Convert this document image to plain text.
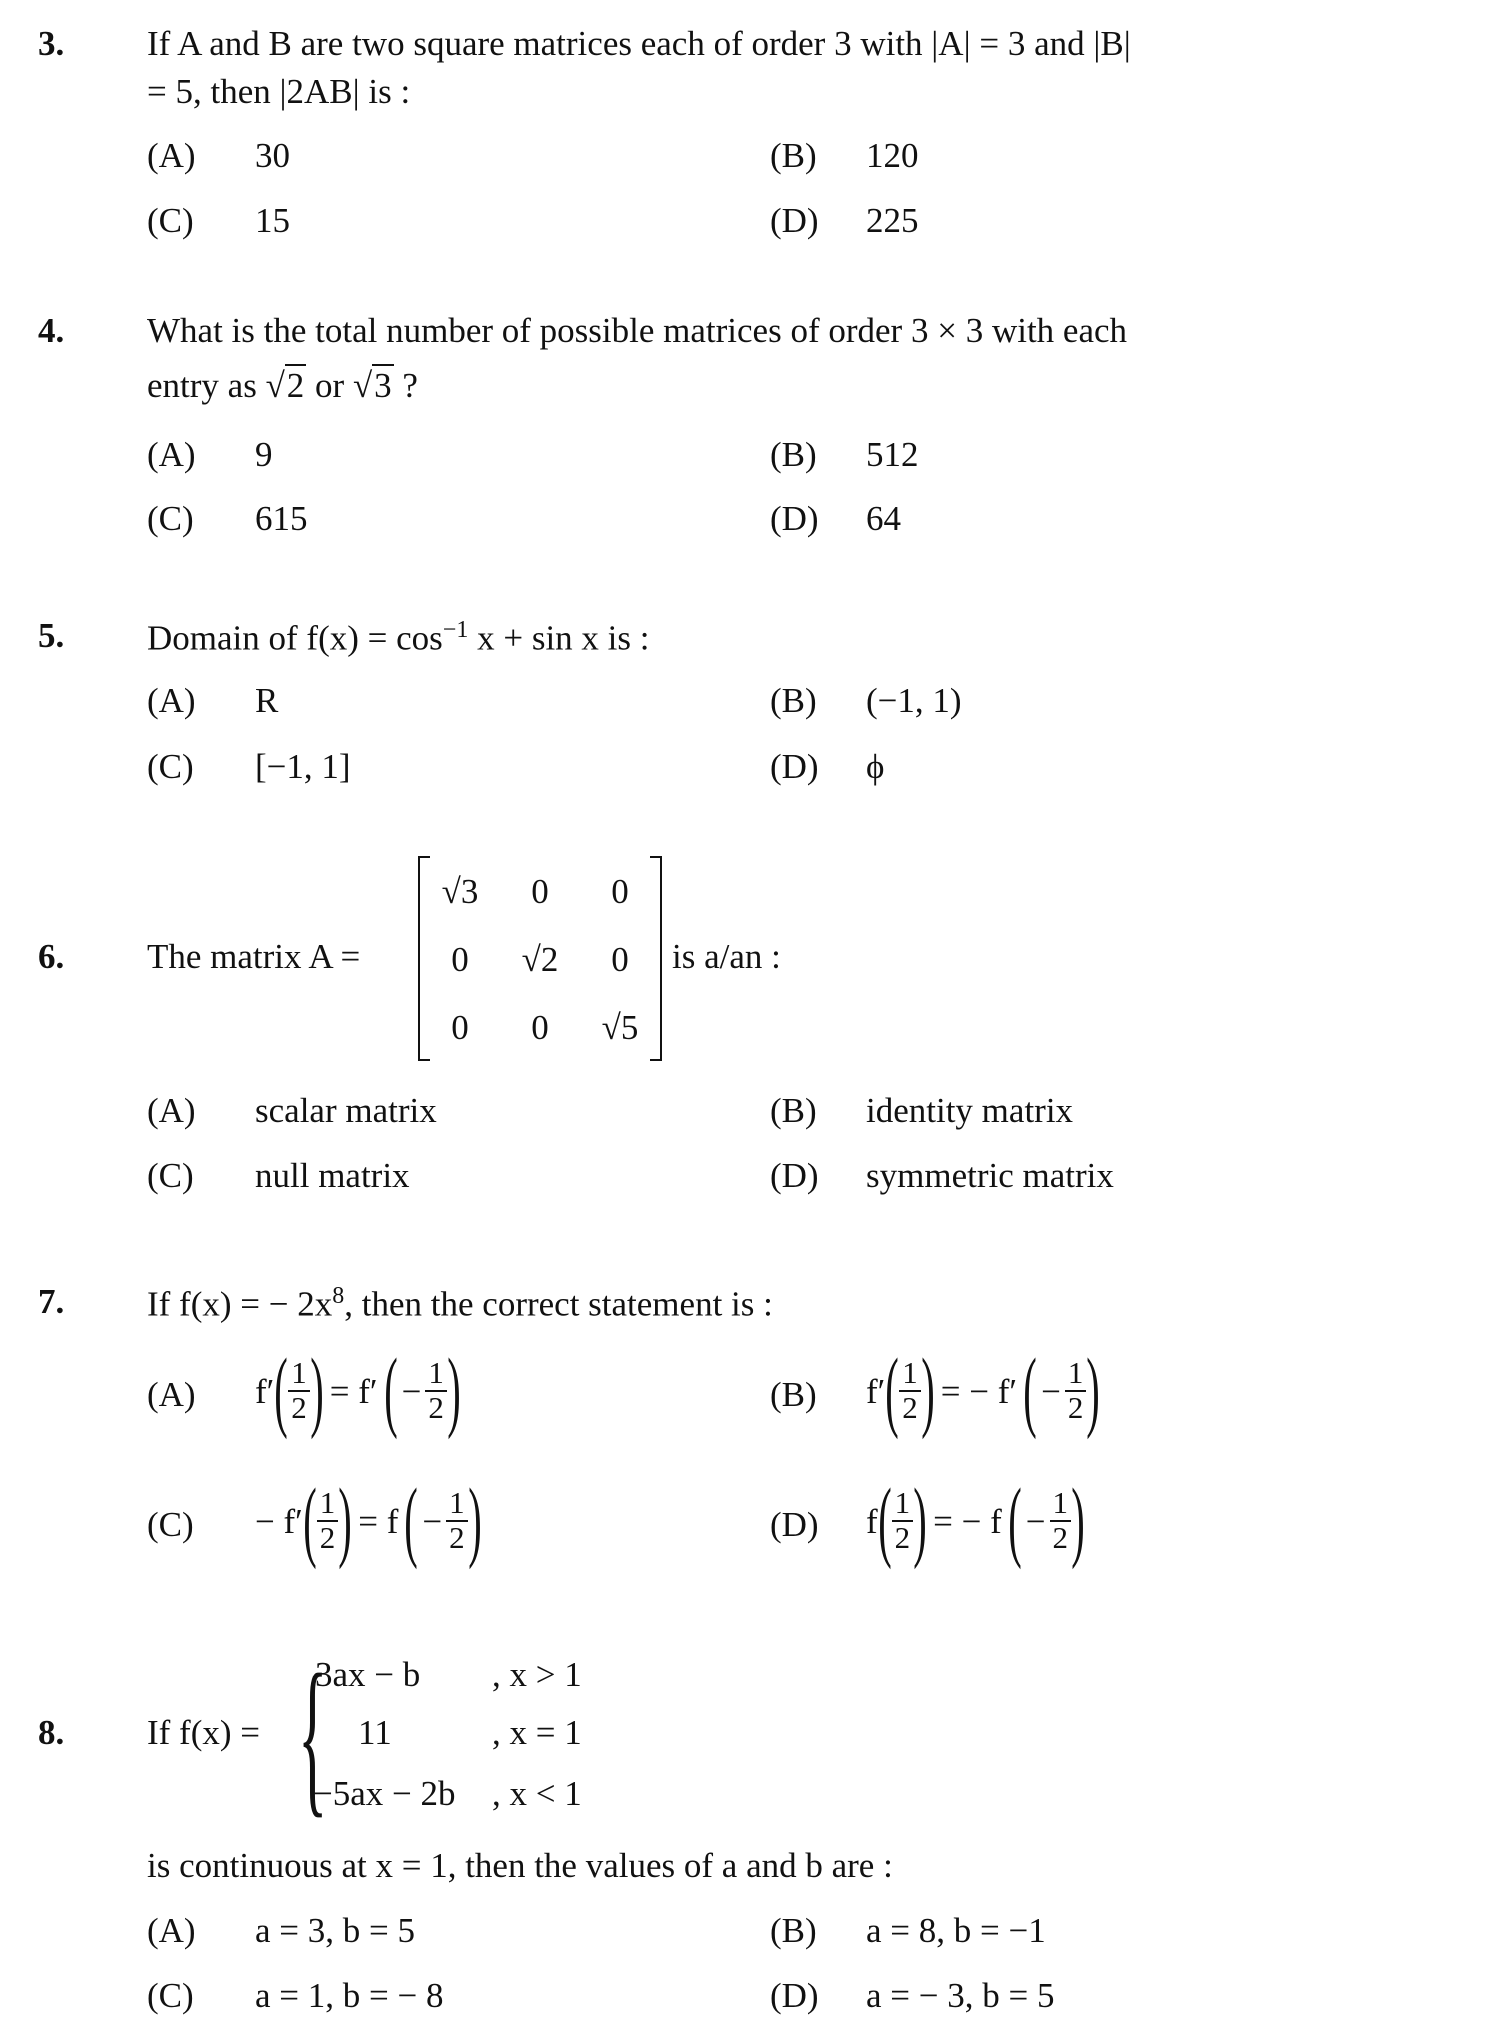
3. If A and B are two square matrices each of order 3 with |A| = 3 and |B|
= 5, then |2AB| is :
(A) 30	(B) 120
(C) 15	(D) 225
4. What is the total number of possible matrices of order 3 × 3 with each
entry as √2 or √3 ?
(A) 9	(B) 512
(C) 615	(D) 64
5. Domain of $f(x) = \cos^{-1} x + \sin x$ is :
(A) R	(B) (−1, 1)
(C) [−1, 1]	(D) ϕ
6. The matrix A =
√3	0	0
0	√2	0
0	0	√5
is a/an :
(A) scalar matrix	(B) identity matrix
(C) null matrix	(D) symmetric matrix
7. If f(x) = − $2x^8$, then the correct statement is :
(A) f′ ( $\frac{1}{2}$ ) = f′ ( − $\frac{1}{2}$ )	(B) f′ ( $\frac{1}{2}$ ) = − f′ ( − $\frac{1}{2}$ )
(C) − f′ ( $\frac{1}{2}$ ) = f ( − $\frac{1}{2}$ )	(D) f ( $\frac{1}{2}$ ) = − f ( − $\frac{1}{2}$ )
8. If f(x) = {
3ax − b , x > 1
11	, x = 1
−5ax − 2b , x < 1
is continuous at x = 1, then the values of a and b are :
(A) a = 3, b = 5	(B) a = 8, b = −1
(C) a = 1, b = − 8	(D) a = − 3, b = 5
